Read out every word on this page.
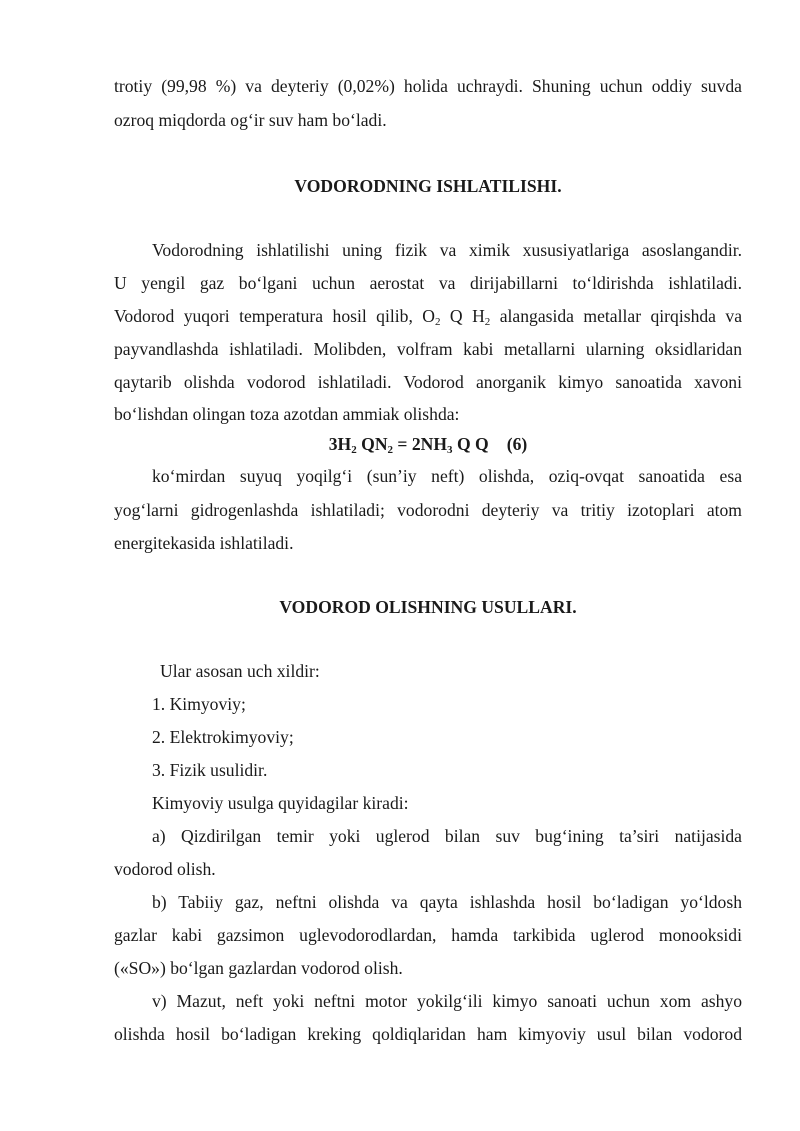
trotiy (99,98 %) va deyteriy (0,02%) holida uchraydi. Shuning uchun oddiy suvda
ozroq miqdorda og‘ir suv ham bo‘ladi.
VODORODNING ISHLATILISHI.
Vodorodning ishlatilishi uning fizik va ximik xususiyatlariga asoslangandir.
U yengil gaz bo‘lgani uchun aerostat va dirijabillarni to‘ldirishda ishlatiladi.
Vodorod yuqori temperatura hosil qilib, $O_2$ Q $H_2$ alangasida metallar qirqishda va
payvandlashda ishlatiladi. Molibden, volfram kabi metallarni ularning oksidlaridan
qaytarib olishda vodorod ishlatiladi. Vodorod anorganik kimyo sanoatida xavoni
bo‘lishdan olingan toza azotdan ammiak olishda:
$3H_2$ $QN_2 = 2NH_3$ Q Q (6)
ko‘mirdan suyuq yoqilg‘i (sun’iy neft) olishda, oziq-ovqat sanoatida esa
yog‘larni gidrogenlashda ishlatiladi; vodorodni deyteriy va tritiy izotoplari atom
energitekasida ishlatiladi.
VODOROD OLISHNING USULLARI.
Ular asosan uch xildir:
1. Kimyoviy;
2. Elektrokimyoviy;
3. Fizik usulidir.
Kimyoviy usulga quyidagilar kiradi:
a) Qizdirilgan temir yoki uglerod bilan suv bug‘ining ta’siri natijasida
vodorod olish.
b) Tabiiy gaz, neftni olishda va qayta ishlashda hosil bo‘ladigan yo‘ldosh
gazlar kabi gazsimon uglevodorodlardan, hamda tarkibida uglerod monooksidi
(«SO») bo‘lgan gazlardan vodorod olish.
v) Mazut, neft yoki neftni motor yokilg‘ili kimyo sanoati uchun xom ashyo
olishda hosil bo‘ladigan kreking qoldiqlaridan ham kimyoviy usul bilan vodorod
